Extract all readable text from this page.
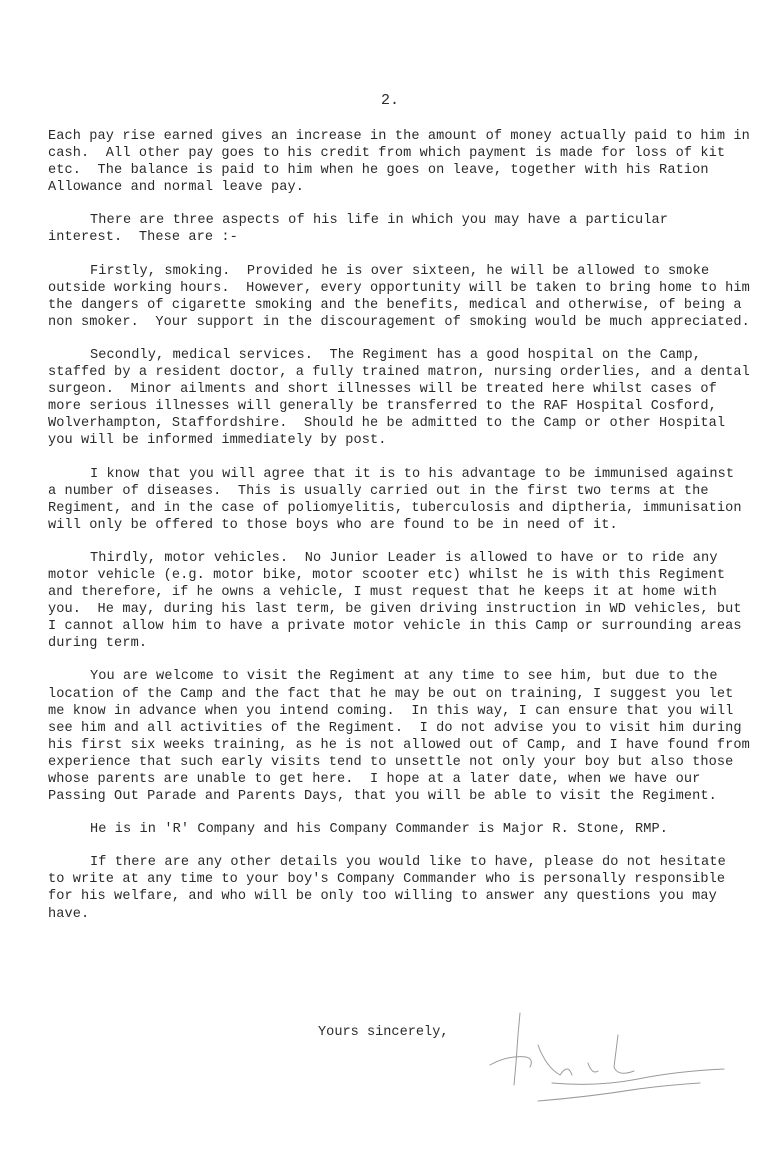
2.

Each pay rise earned gives an increase in the amount of money actually paid to him in cash.  All other pay goes to his credit from which payment is made for loss of kit etc.  The balance is paid to him when he goes on leave, together with his Ration Allowance and normal leave pay.

There are three aspects of his life in which you may have a particular interest.  These are :-

Firstly, smoking.  Provided he is over sixteen, he will be allowed to smoke outside working hours.  However, every opportunity will be taken to bring home to him the dangers of cigarette smoking and the benefits, medical and otherwise, of being a non smoker.  Your support in the discouragement of smoking would be much appreciated.

Secondly, medical services.  The Regiment has a good hospital on the Camp, staffed by a resident doctor, a fully trained matron, nursing orderlies, and a dental surgeon.  Minor ailments and short illnesses will be treated here whilst cases of more serious illnesses will generally be transferred to the RAF Hospital Cosford, Wolverhampton, Staffordshire.  Should he be admitted to the Camp or other Hospital you will be informed immediately by post.

I know that you will agree that it is to his advantage to be immunised against a number of diseases.  This is usually carried out in the first two terms at the Regiment, and in the case of poliomyelitis, tuberculosis and diptheria, immunisation will only be offered to those boys who are found to be in need of it.

Thirdly, motor vehicles.  No Junior Leader is allowed to have or to ride any motor vehicle (e.g. motor bike, motor scooter etc) whilst he is with this Regiment and therefore, if he owns a vehicle, I must request that he keeps it at home with you.  He may, during his last term, be given driving instruction in WD vehicles, but I cannot allow him to have a private motor vehicle in this Camp or surrounding areas during term.

You are welcome to visit the Regiment at any time to see him, but due to the location of the Camp and the fact that he may be out on training, I suggest you let me know in advance when you intend coming.  In this way, I can ensure that you will see him and all activities of the Regiment.  I do not advise you to visit him during his first six weeks training, as he is not allowed out of Camp, and I have found from experience that such early visits tend to unsettle not only your boy but also those whose parents are unable to get here.  I hope at a later date, when we have our Passing Out Parade and Parents Days, that you will be able to visit the Regiment.

He is in 'R' Company and his Company Commander is Major R. Stone, RMP.

If there are any other details you would like to have, please do not hesitate to write at any time to your boy's Company Commander who is personally responsible for his welfare, and who will be only too willing to answer any questions you may have.

Yours sincerely,
